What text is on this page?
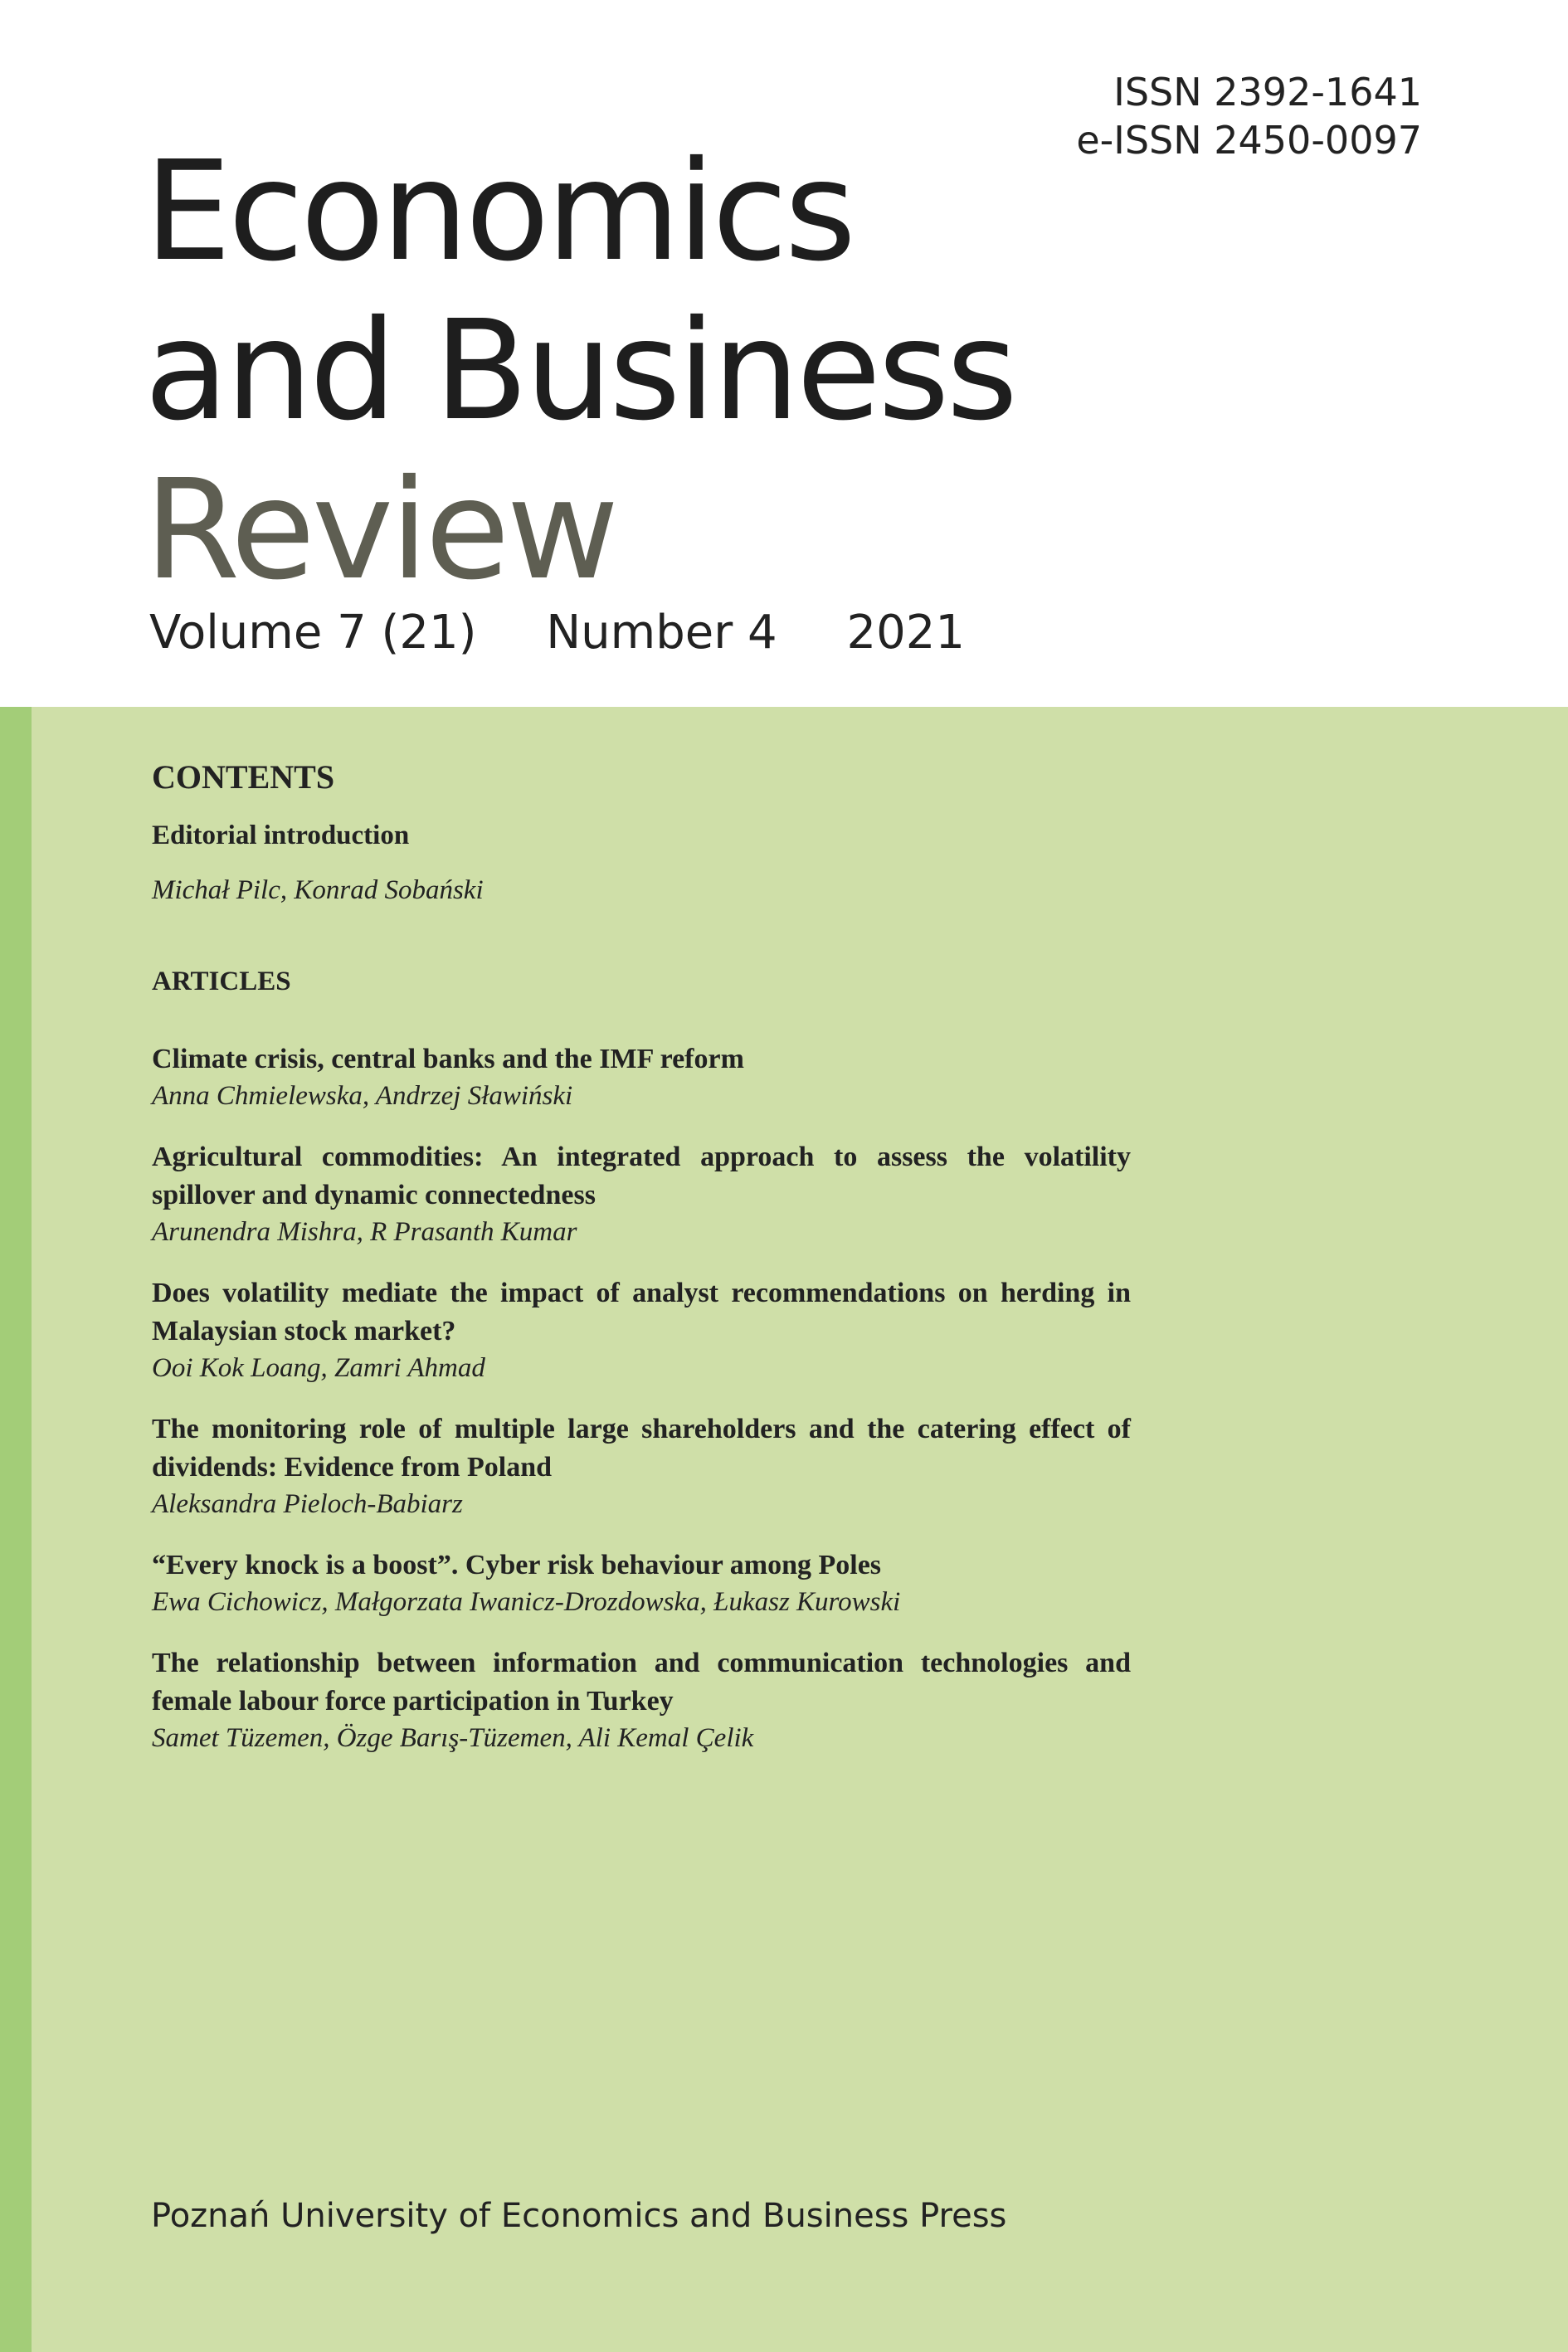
ISSN 2392-1641
e-ISSN 2450-0097
Economics
and Business
Review
Volume 7 (21) Number 4 2021
CONTENTS
Editorial introduction
Michał Pilc, Konrad Sobański
ARTICLES
Climate crisis, central banks and the IMF reform
Anna Chmielewska, Andrzej Sławiński
Agricultural commodities: An integrated approach to assess the volatility spillover and dynamic connectedness
Arunendra Mishra, R Prasanth Kumar
Does volatility mediate the impact of analyst recommendations on herding in Malaysian stock market?
Ooi Kok Loang, Zamri Ahmad
The monitoring role of multiple large shareholders and the catering effect of dividends: Evidence from Poland
Aleksandra Pieloch-Babiarz
“Every knock is a boost”. Cyber risk behaviour among Poles
Ewa Cichowicz, Małgorzata Iwanicz-Drozdowska, Łukasz Kurowski
The relationship between information and communication technologies and female labour force participation in Turkey
Samet Tüzemen, Özge Barış-Tüzemen, Ali Kemal Çelik
Poznań University of Economics and Business Press
